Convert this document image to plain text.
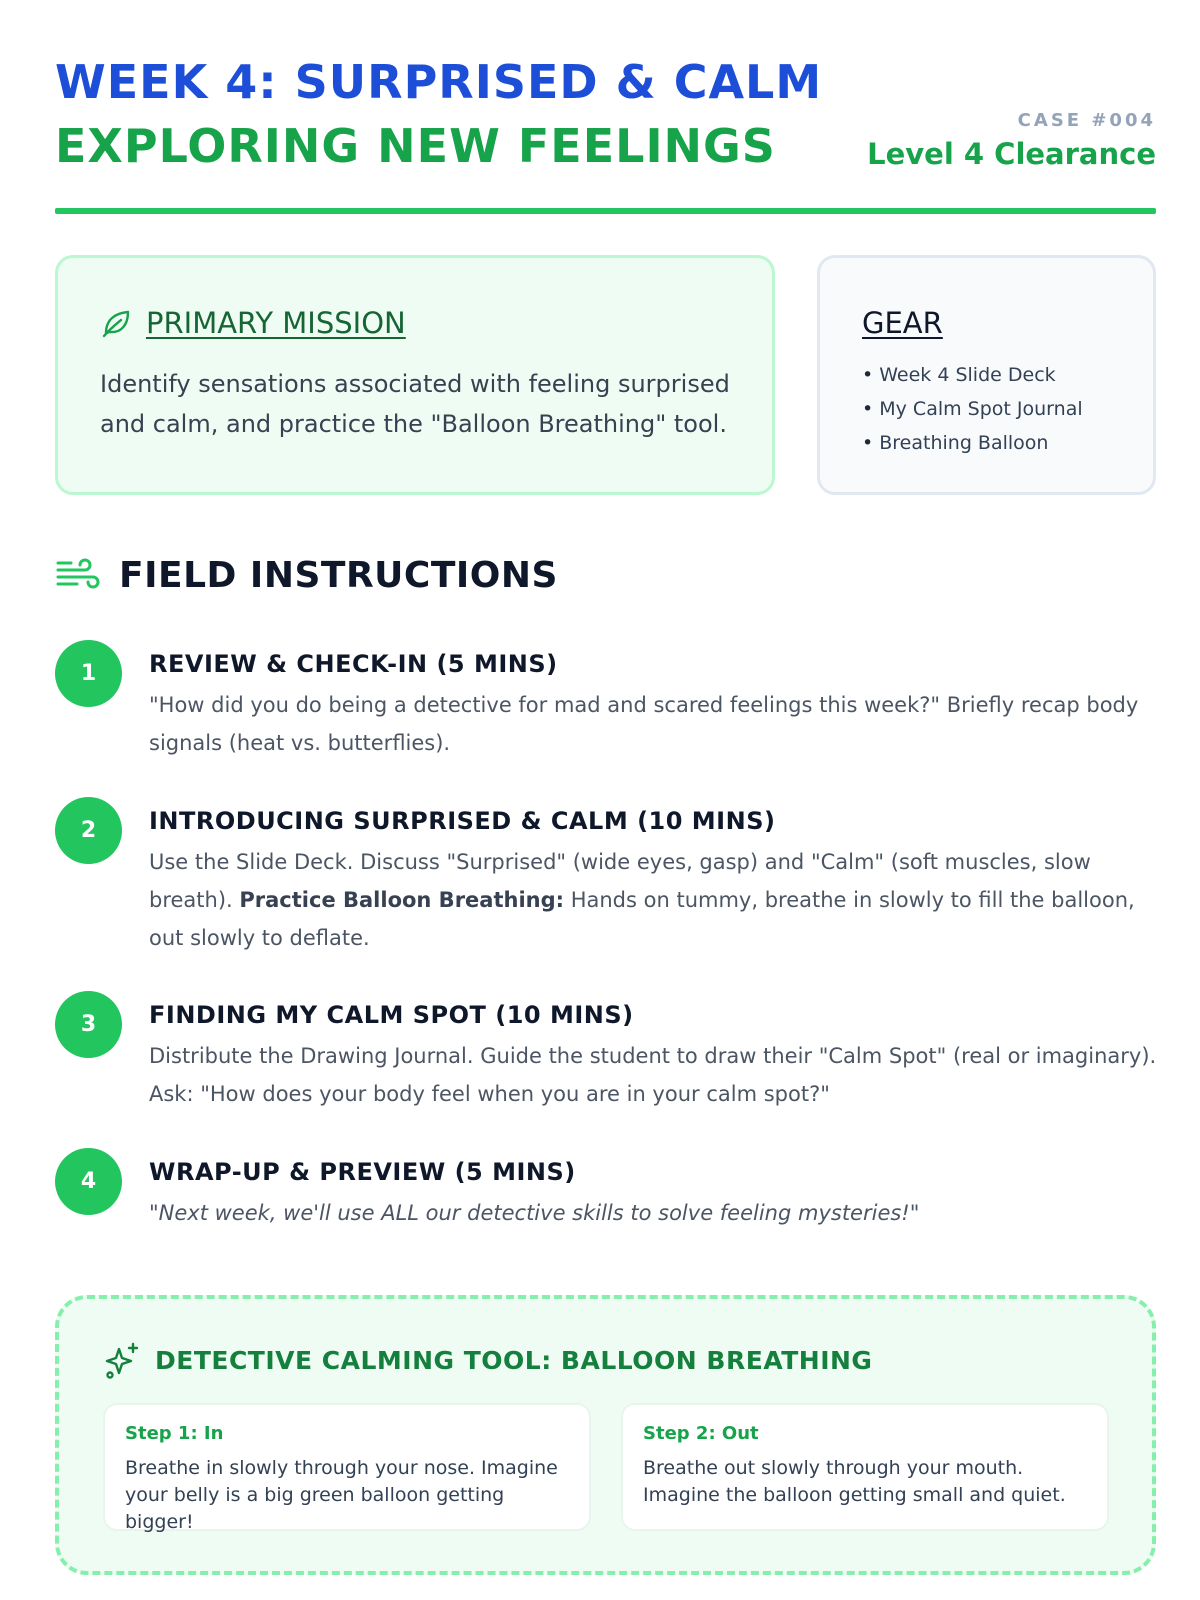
WEEK 4: SURPRISED & CALM
EXPLORING NEW FEELINGS	CASE #004
Level 4 Clearance
PRIMARY MISSION
Identify sensations associated with feeling surprised and calm, and practice the "Balloon Breathing" tool.
GEAR
• Week 4 Slide Deck
• My Calm Spot Journal
• Breathing Balloon
FIELD INSTRUCTIONS
1	REVIEW & CHECK-IN (5 MINS)
"How did you do being a detective for mad and scared feelings this week?" Briefly recap body signals (heat vs. butterflies).
2	INTRODUCING SURPRISED & CALM (10 MINS)
Use the Slide Deck. Discuss "Surprised" (wide eyes, gasp) and "Calm" (soft muscles, slow breath). Practice Balloon Breathing: Hands on tummy, breathe in slowly to fill the balloon, out slowly to deflate.
3	FINDING MY CALM SPOT (10 MINS)
Distribute the Drawing Journal. Guide the student to draw their "Calm Spot" (real or imaginary). Ask: "How does your body feel when you are in your calm spot?"
4	WRAP-UP & PREVIEW (5 MINS)
"Next week, we'll use ALL our detective skills to solve feeling mysteries!"
DETECTIVE CALMING TOOL: BALLOON BREATHING
Step 1: In
Breathe in slowly through your nose. Imagine your belly is a big green balloon getting bigger!
Step 2: Out
Breathe out slowly through your mouth. Imagine the balloon getting small and quiet.
